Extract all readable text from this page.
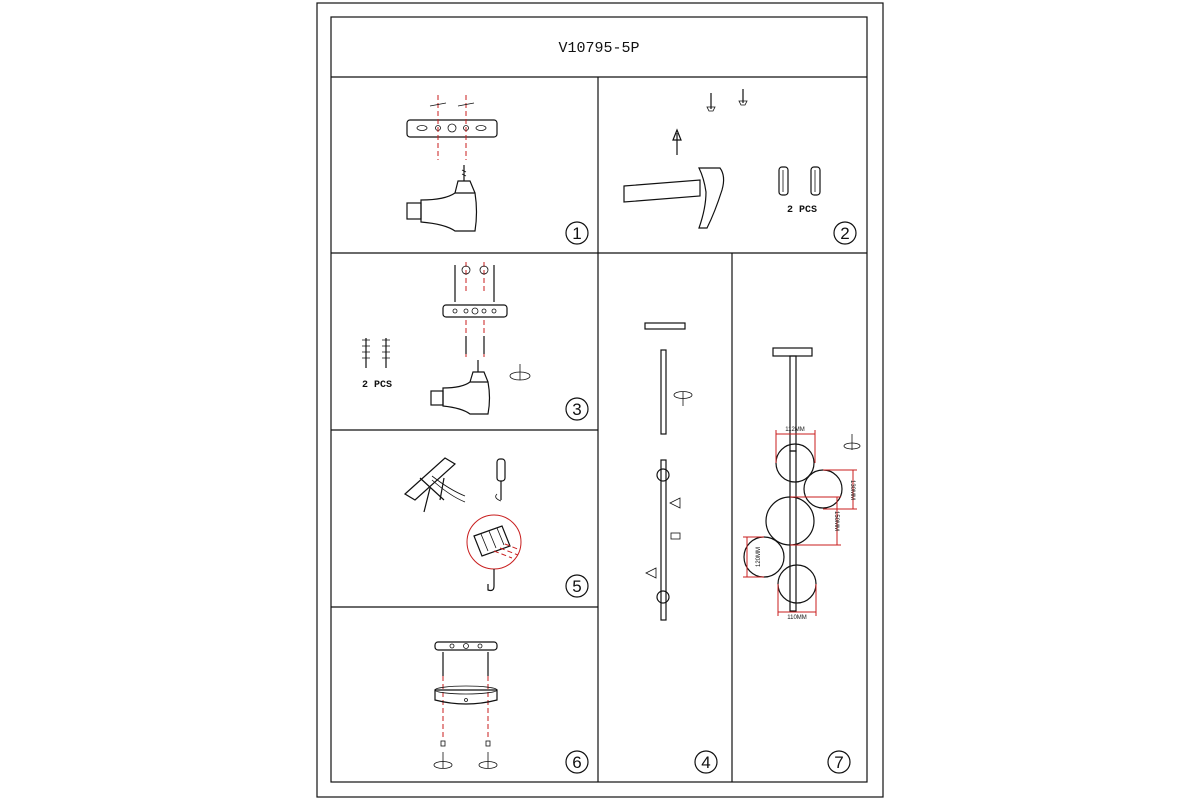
V10795-5P
1
2 PCS
2
2 PCS
3
5
6	4
112MM
110MM
130MM
150MM
120MM
7
